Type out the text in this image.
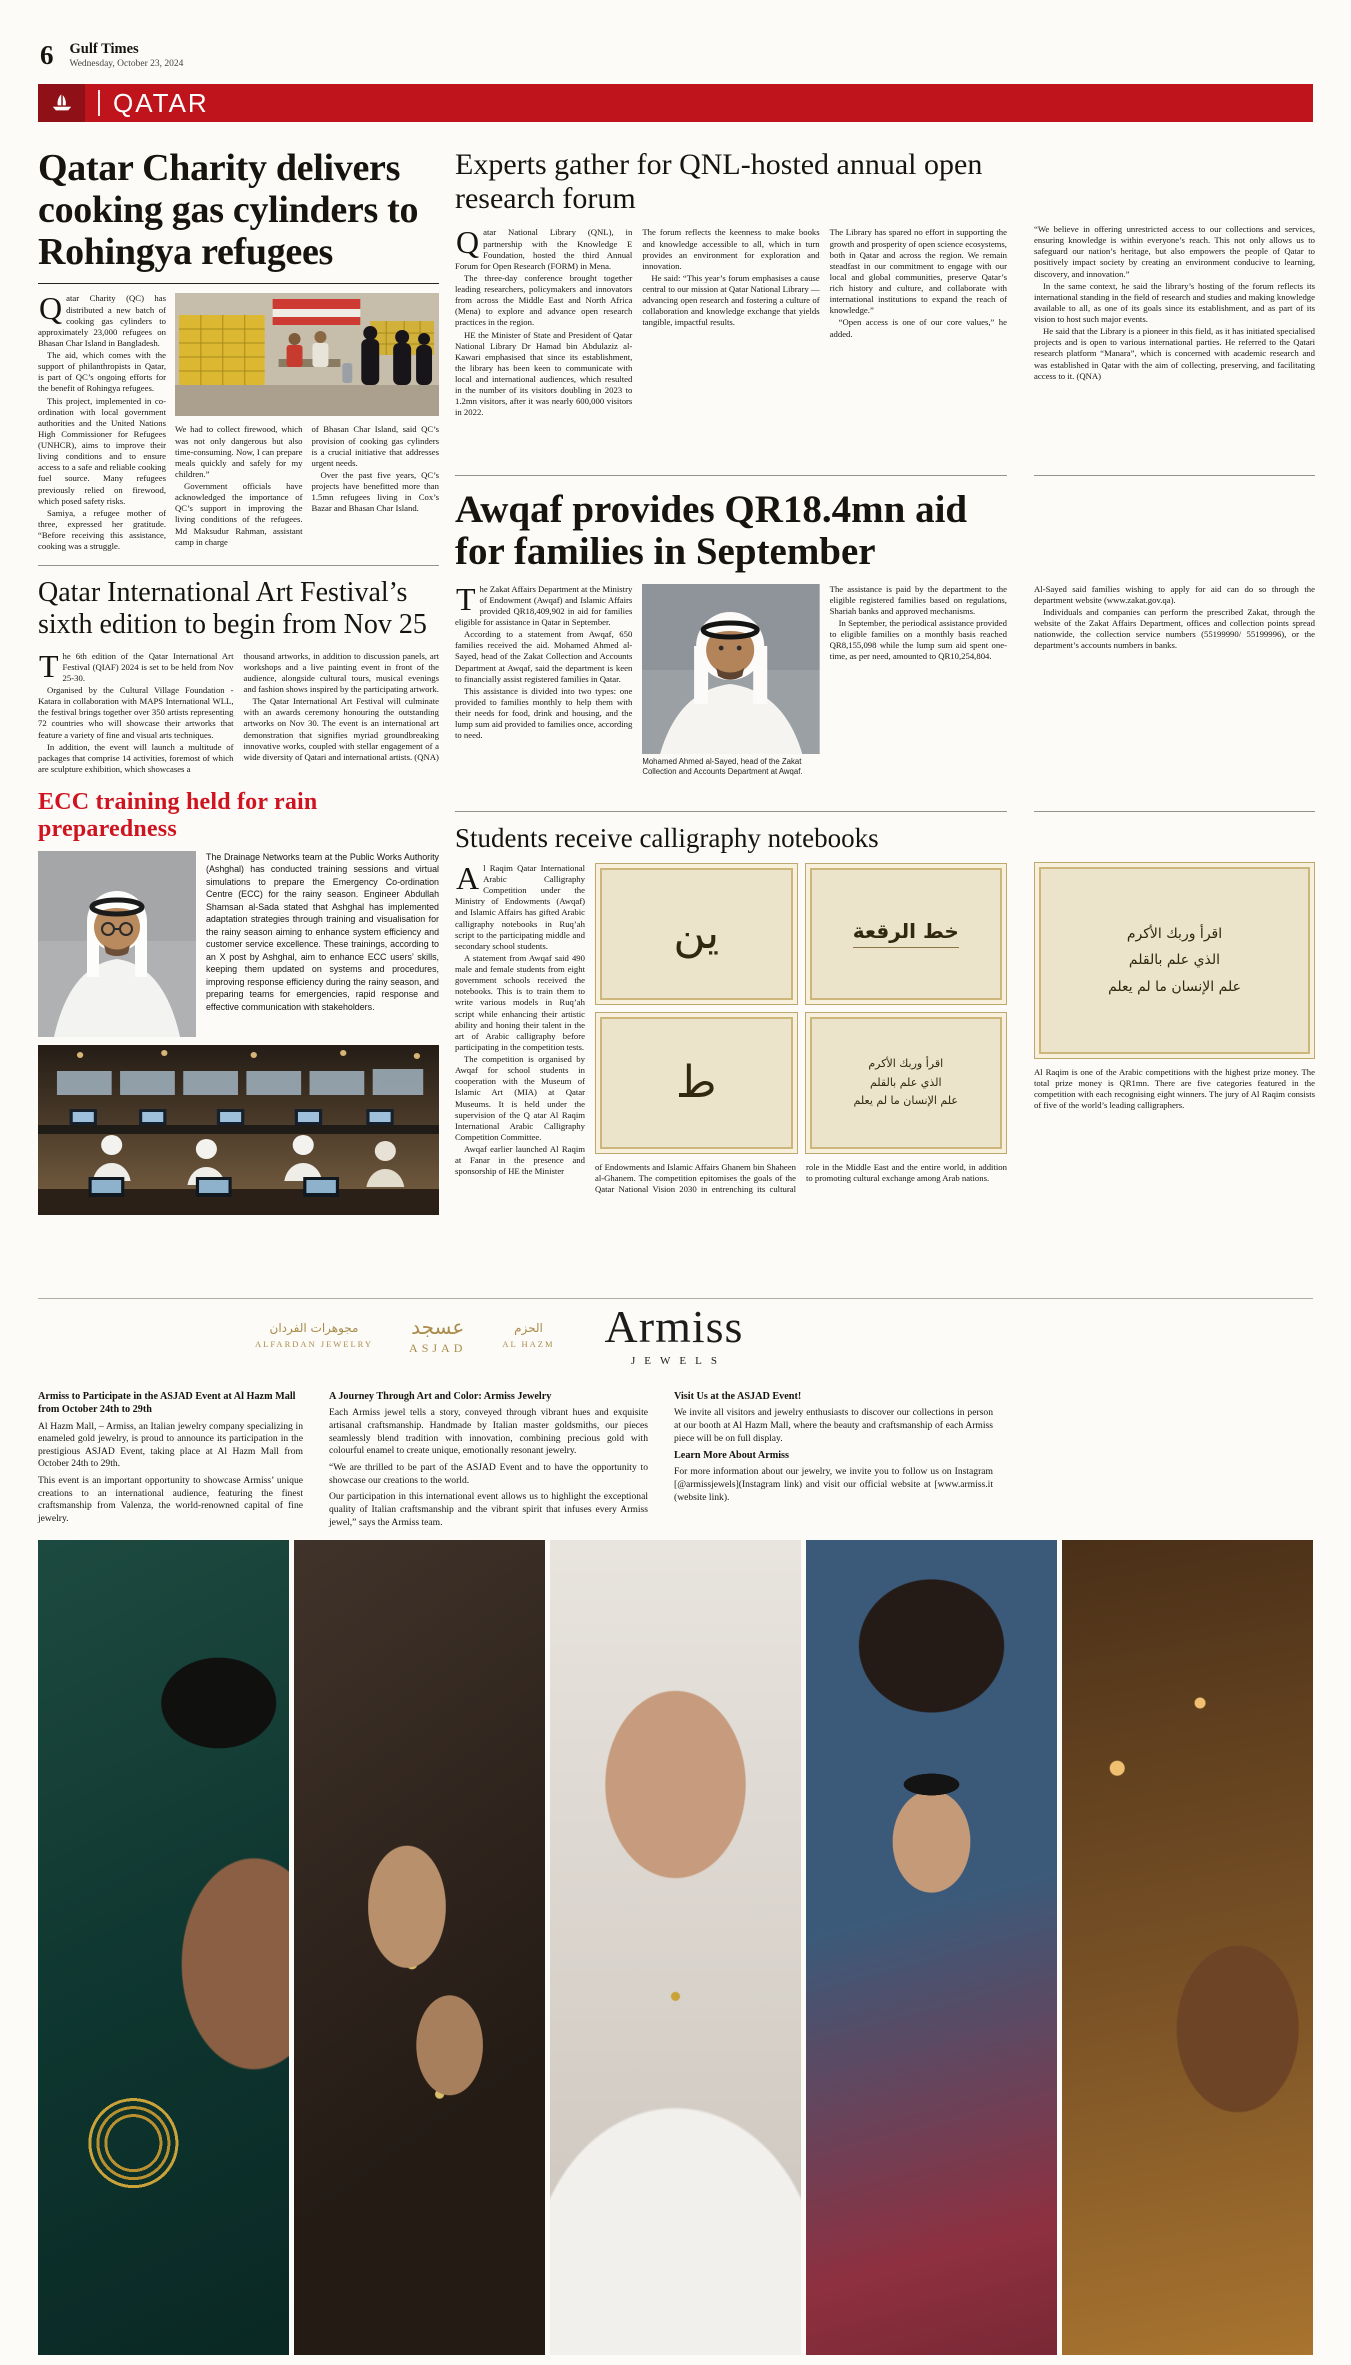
6 Gulf Times
Wednesday, October 23, 2024
QATAR
Qatar Charity delivers cooking gas cylinders to Rohingya refugees
Q atar Charity (QC) has distributed a new batch of cooking gas cylinders to approximately 23,000 refugees on Bhasan Char Island in Bangladesh.

The aid, which comes with the support of philanthropists in Qatar, is part of QC’s ongoing efforts for the benefit of Rohingya refugees.

This project, implemented in co-ordination with local government authorities and the United Nations High Commissioner for Refugees (UNHCR), aims to improve their living conditions and to ensure access to a safe and reliable cooking fuel source. Many refugees previously relied on firewood, which posed safety risks.

Samiya, a refugee mother of three, expressed her gratitude. “Before receiving this assistance, cooking was a struggle.

We had to collect firewood, which was not only dangerous but also time-consuming. Now, I can prepare meals quickly and safely for my children.”

Government officials have acknowledged the importance of QC’s support in improving the living conditions of the refugees. Md Maksudur Rahman, assistant camp in charge

of Bhasan Char Island, said QC’s provision of cooking gas cylinders is a crucial initiative that addresses urgent needs.

Over the past five years, QC’s projects have benefitted more than 1.5mn refugees living in Cox’s Bazar and Bhasan Char Island.

Qatar International Art Festival’s sixth edition to begin from Nov 25
T he 6th edition of the Qatar International Art Festival (QIAF) 2024 is set to be held from Nov 25-30.

Organised by the Cultural Village Foundation - Katara in collaboration with MAPS International WLL, the festival brings together over 350 artists representing 72 countries who will showcase their artworks that feature a variety of fine and visual arts techniques.

In addition, the event will launch a multitude of packages that comprise 14 activities, foremost of which are sculpture exhibition, which showcases a

thousand artworks, in addition to discussion panels, art workshops and a live painting event in front of the audience, alongside cultural tours, musical evenings and fashion shows inspired by the participating artwork.

The Qatar International Art Festival will culminate with an awards ceremony honouring the outstanding artworks on Nov 30. The event is an international art demonstration that signifies myriad groundbreaking innovative works, coupled with stellar engagement of a wide diversity of Qatari and international artists. (QNA)

ECC training held for rain preparedness

The Drainage Networks team at the Public Works Authority (Ashghal) has conducted training sessions and virtual simulations to prepare the Emergency Co-ordination Centre (ECC) for the rainy season. Engineer Abdullah Shamsan al-Sada stated that Ashghal has implemented adaptation strategies through training and visualisation for the rainy season aiming to enhance system efficiency and customer service excellence. These trainings, according to an X post by Ashghal, aim to enhance ECC users’ skills, keeping them updated on systems and procedures, improving response efficiency during the rainy season, and preparing teams for emergencies, rapid response and effective communication with stakeholders.

Experts gather for QNL-hosted annual open research forum
Q atar National Library (QNL), in partnership with the Knowledge E Foundation, hosted the third Annual Forum for Open Research (FORM) in Mena.

The three-day conference brought together leading researchers, policymakers and innovators from across the Middle East and North Africa (Mena) to explore and advance open research practices in the region.

HE the Minister of State and President of Qatar National Library Dr Hamad bin Abdulaziz al-Kawari emphasised that since its establishment, the library has been keen to communicate with local and international audiences, which resulted in the number of its visitors doubling in 2023 to 1.2mn visitors, after it was nearly 600,000 visitors in 2022.

The forum reflects the keenness to make books and knowledge accessible to all, which in turn provides an environment for exploration and innovation.

He said: “This year’s forum emphasises a cause central to our mission at Qatar National Library — advancing open research and fostering a culture of collaboration and knowledge exchange that yields tangible, impactful results.

The Library has spared no effort in supporting the growth and prosperity of open science ecosystems, both in Qatar and across the region. We remain steadfast in our commitment to engage with our local and global communities, preserve Qatar’s rich history and culture, and collaborate with international institutions to expand the reach of knowledge.”

“Open access is one of our core values,” he added.

“We believe in offering unrestricted access to our collections and services, ensuring knowledge is within everyone’s reach. This not only allows us to safeguard our nation’s heritage, but also empowers the people of Qatar to positively impact society by creating an environment conducive to learning, discovery, and innovation.”

In the same context, he said the library’s hosting of the forum reflects its international standing in the field of research and studies and making knowledge available to all, as one of its goals since its establishment, and as part of its vision to host such major events.

He said that the Library is a pioneer in this field, as it has initiated specialised projects and is open to various international parties. He referred to the Qatari research platform “Manara”, which is concerned with academic research and was established in Qatar with the aim of collecting, preserving, and facilitating access to it. (QNA)

Awqaf provides QR18.4mn aid for families in September
T he Zakat Affairs Department at the Ministry of Endowment (Awqaf) and Islamic Affairs provided QR18,409,902 in aid for families eligible for assistance in Qatar in September.

According to a statement from Awqaf, 650 families received the aid. Mohamed Ahmed al-Sayed, head of the Zakat Collection and Accounts Department at Awqaf, said the department is keen to financially assist registered families in Qatar.

This assistance is divided into two types: one provided to families monthly to help them with their needs for food, drink and housing, and the lump sum aid provided to families once, according to need.

Mohamed Ahmed al-Sayed, head of the Zakat Collection and Accounts Department at Awqaf.

The assistance is paid by the department to the eligible registered families based on regulations, Shariah banks and approved mechanisms.

In September, the periodical assistance provided to eligible families on a monthly basis reached QR8,155,098 while the lump sum aid spent one-time, as per need, amounted to QR10,254,804.

Al-Sayed said families wishing to apply for aid can do so through the department website (www.zakat.gov.qa).

Individuals and companies can perform the prescribed Zakat, through the website of the Zakat Affairs Department, offices and collection points spread nationwide, the collection service numbers (55199990/ 55199996), or the department’s accounts numbers in banks.

Students receive calligraphy notebooks
A l Raqim Qatar International Arabic Calligraphy Competition under the Ministry of Endowments (Awqaf) and Islamic Affairs has gifted Arabic calligraphy notebooks in Ruq’ah script to the participating middle and secondary school students.

A statement from Awqaf said 490 male and female students from eight government schools received the notebooks. This is to train them to write various models in Ruq’ah script while enhancing their artistic ability and honing their talent in the art of Arabic calligraphy before participating in the competition tests.

The competition is organised by Awqaf for school students in cooperation with the Museum of Islamic Art (MIA) at Qatar Museums. It is held under the supervision of the Q atar Al Raqim International Arabic Calligraphy Competition Committee.

Awqaf earlier launched Al Raqim at Fanar in the presence and sponsorship of HE the Minister

ين	خط الرقعة
ط	اقرأ وربك الأكرم

الذي علم بالقلم

علم الإنسان ما لم يعلم

of Endowments and Islamic Affairs Ghanem bin Shaheen al-Ghanem. The competition epitomises the goals of the Qatar National Vision 2030 in entrenching its cultural role in the Middle East and the entire world, in addition to promoting cultural exchange among Arab nations.

اقرأ وربك الأكرم

الذي علم بالقلم

علم الإنسان ما لم يعلم

Al Raqim is one of the Arabic competitions with the highest prize money. The total prize money is QR1mn. There are five categories featured in the competition with each recognising eight winners. The jury of Al Raqim consists of five of the world’s leading calligraphers.

مجوهرات الفردان
ALFARDAN JEWELRY
عسجد
ASJAD
الحزم
AL HAZM Armiss
JEWELS

Armiss to Participate in the ASJAD Event at Al Hazm Mall from October 24th to 29th

Al Hazm Mall, – Armiss, an Italian jewelry company specializing in enameled gold jewelry, is proud to announce its participation in the prestigious ASJAD Event, taking place at Al Hazm Mall from October 24th to 29th.

This event is an important opportunity to showcase Armiss’ unique creations to an international audience, featuring the finest craftsmanship from Valenza, the world-renowned capital of fine jewelry.

A Journey Through Art and Color: Armiss Jewelry

Each Armiss jewel tells a story, conveyed through vibrant hues and exquisite artisanal craftsmanship. Handmade by Italian master goldsmiths, our pieces seamlessly blend tradition with innovation, combining precious gold with colourful enamel to create unique, emotionally resonant jewelry.

“We are thrilled to be part of the ASJAD Event and to have the opportunity to showcase our creations to the world.

Our participation in this international event allows us to highlight the exceptional quality of Italian craftsmanship and the vibrant spirit that infuses every Armiss jewel,” says the Armiss team.

Visit Us at the ASJAD Event!

We invite all visitors and jewelry enthusiasts to discover our collections in person at our booth at Al Hazm Mall, where the beauty and craftsmanship of each Armiss piece will be on full display.

Learn More About Armiss

For more information about our jewelry, we invite you to follow us on Instagram [@armissjewels](Instagram link) and visit our official website at [www.armiss.it (website link).
